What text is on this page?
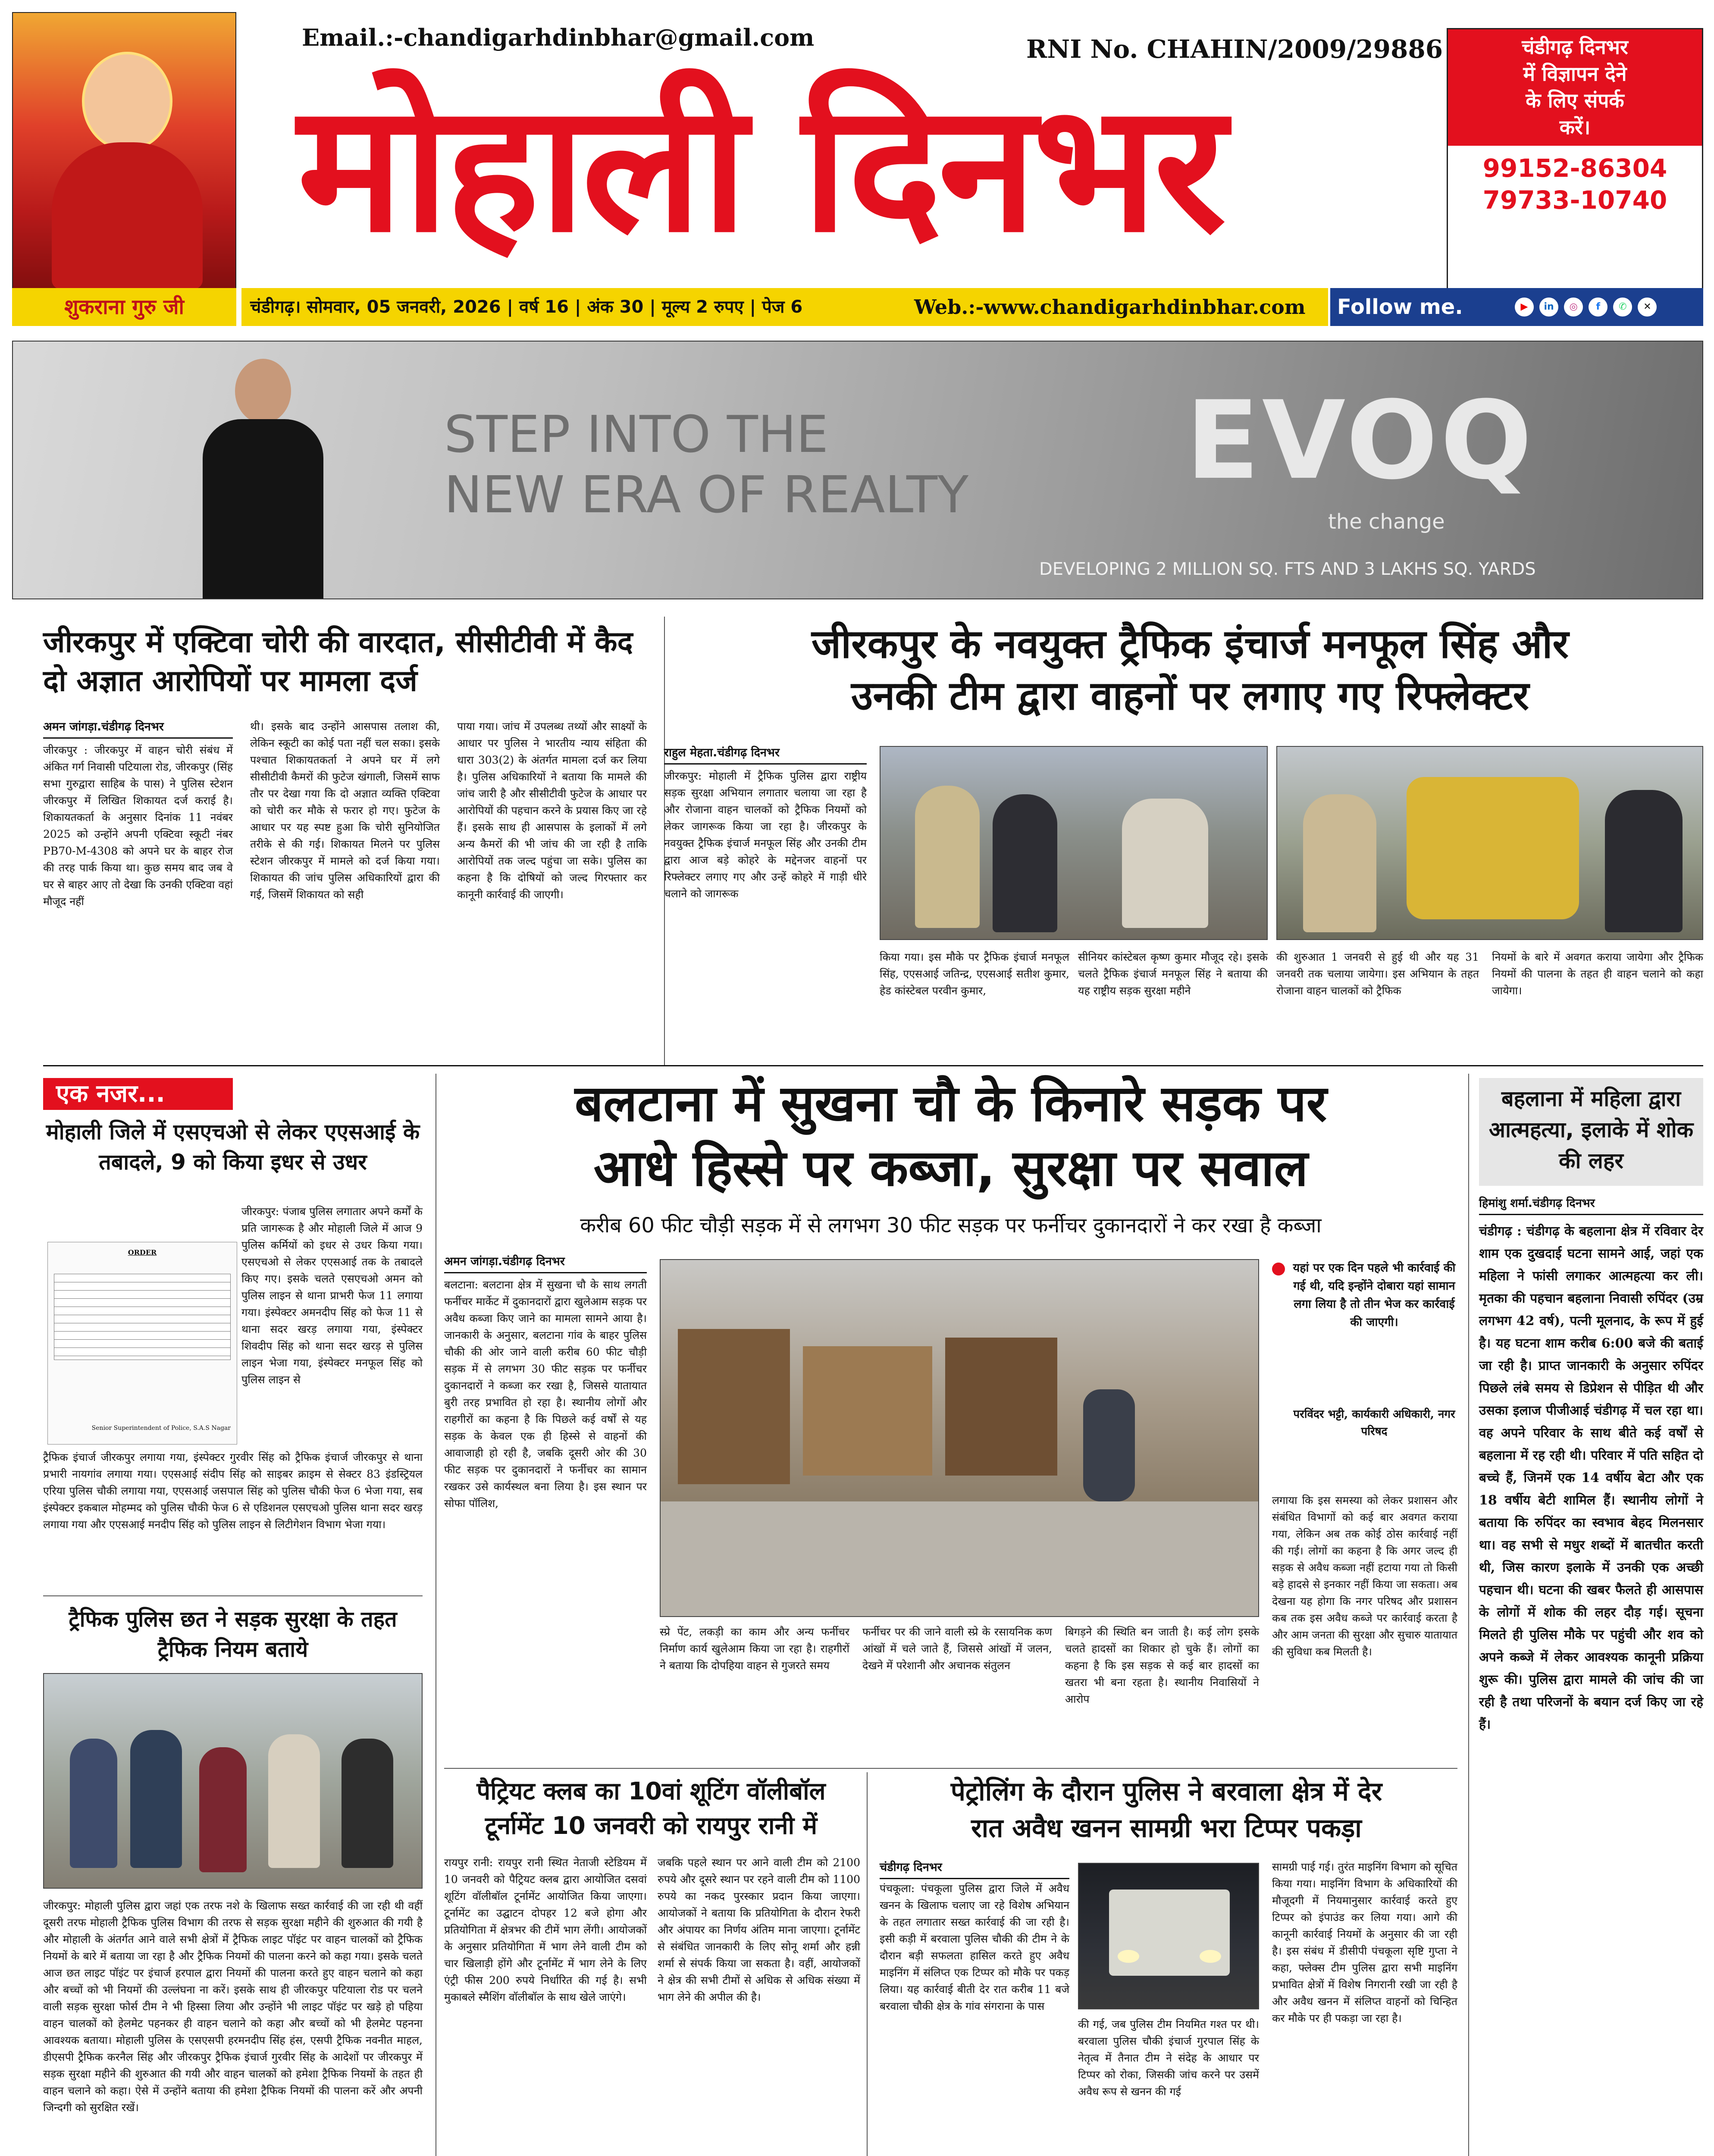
शुकराना गुरु जी
Email.:-chandigarhdinbhar@gmail.com	RNI No. CHAHIN/2009/29886
मोहाली दिनभर
चंडीगढ़ दिनभर
में विज्ञापन देने
के लिए संपर्क
करें।
99152-86304
79733-10740
चंडीगढ़। सोमवार, 05 जनवरी, 2026 | वर्ष 16 | अंक 30 | मूल्य 2 रुपए | पेज 6	Web.:-www.chandigarhdinbhar.com Follow me.	▶ in ◎ f ✆ ✕
STEP INTO THE
NEW ERA OF REALTY EVOQ
the change
DEVELOPING 2 MILLION SQ. FTS AND 3 LAKHS SQ. YARDS
जीरकपुर में एक्टिवा चोरी की वारदात, सीसीटीवी में कैद दो अज्ञात आरोपियों पर मामला दर्ज
अमन जांगड़ा.चंडीगढ़ दिनभर
जीरकपुर : जीरकपुर में वाहन चोरी संबंध में अंकित गर्ग निवासी पटियाला रोड, जीरकपुर (सिंह सभा गुरुद्वारा साहिब के पास) ने पुलिस स्टेशन जीरकपुर में लिखित शिकायत दर्ज कराई है। शिकायतकर्ता के अनुसार दिनांक 11 नवंबर 2025 को उन्होंने अपनी एक्टिवा स्कूटी नंबर PB70-M-4308 को अपने घर के बाहर रोज की तरह पार्क किया था। कुछ समय बाद जब वे घर से बाहर आए तो देखा कि उनकी एक्टिवा वहां मौजूद नहीं
थी। इसके बाद उन्होंने आसपास तलाश की, लेकिन स्कूटी का कोई पता नहीं चल सका। इसके पश्चात शिकायतकर्ता ने अपने घर में लगे सीसीटीवी कैमरों की फुटेज खंगाली, जिसमें साफ तौर पर देखा गया कि दो अज्ञात व्यक्ति एक्टिवा को चोरी कर मौके से फरार हो गए। फुटेज के आधार पर यह स्पष्ट हुआ कि चोरी सुनियोजित तरीके से की गई। शिकायत मिलने पर पुलिस स्टेशन जीरकपुर में मामले को दर्ज किया गया। शिकायत की जांच पुलिस अधिकारियों द्वारा की गई, जिसमें शिकायत को सही
पाया गया। जांच में उपलब्ध तथ्यों और साक्ष्यों के आधार पर पुलिस ने भारतीय न्याय संहिता की धारा 303(2) के अंतर्गत मामला दर्ज कर लिया है। पुलिस अधिकारियों ने बताया कि मामले की जांच जारी है और सीसीटीवी फुटेज के आधार पर आरोपियों की पहचान करने के प्रयास किए जा रहे हैं। इसके साथ ही आसपास के इलाकों में लगे अन्य कैमरों की भी जांच की जा रही है ताकि आरोपियों तक जल्द पहुंचा जा सके। पुलिस का कहना है कि दोषियों को जल्द गिरफ्तार कर कानूनी कार्रवाई की जाएगी।
जीरकपुर के नवयुक्त ट्रैफिक इंचार्ज मनफूल सिंह और
उनकी टीम द्वारा वाहनों पर लगाए गए रिफ्लेक्टर
राहुल मेहता.चंडीगढ़ दिनभर
जीरकपुर: मोहाली में ट्रैफिक पुलिस द्वारा राष्ट्रीय सड़क सुरक्षा अभियान लगातार चलाया जा रहा है और रोजाना वाहन चालकों को ट्रैफिक नियमों को लेकर जागरूक किया जा रहा है। जीरकपुर के नवयुक्त ट्रैफिक इंचार्ज मनफूल सिंह और उनकी टीम द्वारा आज बड़े कोहरे के मद्देनजर वाहनों पर रिफ्लेक्टर लगाए गए और उन्हें कोहरे में गाड़ी धीरे चलाने को जागरूक
किया गया। इस मौके पर ट्रैफिक इंचार्ज मनफूल सिंह, एएसआई जतिन्द्र, एएसआई सतीश कुमार, हेड कांस्टेबल परवीन कुमार,
सीनियर कांस्टेबल कृष्ण कुमार मौजूद रहे। इसके चलते ट्रैफिक इंचार्ज मनफूल सिंह ने बताया की यह राष्ट्रीय सड़क सुरक्षा महीने
की शुरुआत 1 जनवरी से हुई थी और यह 31 जनवरी तक चलाया जायेगा। इस अभियान के तहत रोजाना वाहन चालकों को ट्रैफिक
नियमों के बारे में अवगत कराया जायेगा और ट्रैफिक नियमों की पालना के तहत ही वाहन चलाने को कहा जायेगा।
एक नजर...
मोहाली जिले में एसएचओ से लेकर एएसआई के तबादले, 9 को किया इधर से उधर
ORDER
Senior Superintendent of Police, S.A.S Nagar
जीरकपुर: पंजाब पुलिस लगातार अपने कर्मों के प्रति जागरूक है और मोहाली जिले में आज 9 पुलिस कर्मियों को इधर से उधर किया गया। एसएचओ से लेकर एएसआई तक के तबादले किए गए। इसके चलते एसएचओ अमन को पुलिस लाइन से थाना प्राभरी फेज 11 लगाया गया। इंस्पेक्टर अमनदीप सिंह को फेज 11 से थाना सदर खरड़ लगाया गया, इंस्पेक्टर शिवदीप सिंह को थाना सदर खरड़ से पुलिस लाइन भेजा गया, इंस्पेक्टर मनफूल सिंह को पुलिस लाइन से
ट्रैफिक इंचार्ज जीरकपुर लगाया गया, इंस्पेक्टर गुरवीर सिंह को ट्रैफिक इंचार्ज जीरकपुर से थाना प्रभारी नायगांव लगाया गया। एएसआई संदीप सिंह को साइबर क्राइम से सेक्टर 83 इंडस्ट्रियल एरिया पुलिस चौकी लगाया गया, एएसआई जसपाल सिंह को पुलिस चौकी फेज 6 भेजा गया, सब इंस्पेक्टर इकबाल मोहम्मद को पुलिस चौकी फेज 6 से एडिशनल एसएचओ पुलिस थाना सदर खरड़ लगाया गया और एएसआई मनदीप सिंह को पुलिस लाइन से लिटीगेशन विभाग भेजा गया।
ट्रैफिक पुलिस छत ने सड़क सुरक्षा के तहत ट्रैफिक नियम बताये
जीरकपुर: मोहाली पुलिस द्वारा जहां एक तरफ नशे के खिलाफ सख्त कार्रवाई की जा रही थी वहीं दूसरी तरफ मोहाली ट्रैफिक पुलिस विभाग की तरफ से सड़क सुरक्षा महीने की शुरुआत की गयी है और मोहाली के अंतर्गत आने वाले सभी क्षेत्रों में ट्रैफिक लाइट पॉइंट पर वाहन चालकों को ट्रैफिक नियमों के बारे में बताया जा रहा है और ट्रैफिक नियमों की पालना करने को कहा गया। इसके चलते आज छत लाइट पॉइंट पर इंचार्ज हरपाल द्वारा नियमों की पालना करते हुए वाहन चलाने को कहा और बच्चों को भी नियमों की उल्लंघना ना करें। इसके साथ ही जीरकपुर पटियाला रोड पर चलने वाली सड़क सुरक्षा फोर्स टीम ने भी हिस्सा लिया और उन्होंने भी लाइट पॉइंट पर खड़े हो पहिया वाहन चालकों को हेलमेट पहनकर ही वाहन चलाने को कहा और बच्चों को भी हेलमेट पहनना आवश्यक बताया। मोहाली पुलिस के एसएसपी हरमनदीप सिंह हंस, एसपी ट्रैफिक नवनीत माहल, डीएसपी ट्रैफिक करनैल सिंह और जीरकपुर ट्रैफिक इंचार्ज गुरवीर सिंह के आदेशों पर जीरकपुर में सड़क सुरक्षा महीने की शुरुआत की गयी और वाहन चालकों को हमेशा ट्रैफिक नियमों के तहत ही वाहन चलाने को कहा। ऐसे में उन्होंने बताया की हमेशा ट्रैफिक नियमों की पालना करें और अपनी जिन्दगी को सुरक्षित रखें।
बलटाना में सुखना चौ के किनारे सड़क पर
आधे हिस्से पर कब्जा, सुरक्षा पर सवाल
करीब 60 फीट चौड़ी सड़क में से लगभग 30 फीट सड़क पर फर्नीचर दुकानदारों ने कर रखा है कब्जा
अमन जांगड़ा.चंडीगढ़ दिनभर
बलटाना: बलटाना क्षेत्र में सुखना चौ के साथ लगती फर्नीचर मार्केट में दुकानदारों द्वारा खुलेआम सड़क पर अवैध कब्जा किए जाने का मामला सामने आया है। जानकारी के अनुसार, बलटाना गांव के बाहर पुलिस चौकी की ओर जाने वाली करीब 60 फीट चौड़ी सड़क में से लगभग 30 फीट सड़क पर फर्नीचर दुकानदारों ने कब्जा कर रखा है, जिससे यातायात बुरी तरह प्रभावित हो रहा है। स्थानीय लोगों और राहगीरों का कहना है कि पिछले कई वर्षों से यह सड़क के केवल एक ही हिस्से से वाहनों की आवाजाही हो रही है, जबकि दूसरी ओर की 30 फीट सड़क पर दुकानदारों ने फर्नीचर का सामान रखकर उसे कार्यस्थल बना लिया है। इस स्थान पर सोफा पॉलिश,
स्प्रे पेंट, लकड़ी का काम और अन्य फर्नीचर निर्माण कार्य खुलेआम किया जा रहा है। राहगीरों ने बताया कि दोपहिया वाहन से गुजरते समय
फर्नीचर पर की जाने वाली स्प्रे के रसायनिक कण आंखों में चले जाते हैं, जिससे आंखों में जलन, देखने में परेशानी और अचानक संतुलन
बिगड़ने की स्थिति बन जाती है। कई लोग इसके चलते हादसों का शिकार हो चुके हैं। लोगों का कहना है कि इस सड़क से कई बार हादसों का खतरा भी बना रहता है। स्थानीय निवासियों ने आरोप
यहां पर एक दिन पहले भी कार्रवाई की गई थी, यदि इन्होंने दोबारा यहां सामान लगा लिया है तो तीन भेज कर कार्रवाई की जाएगी।
परविंदर भट्टी, कार्यकारी अधिकारी, नगर परिषद
लगाया कि इस समस्या को लेकर प्रशासन और संबंधित विभागों को कई बार अवगत कराया गया, लेकिन अब तक कोई ठोस कार्रवाई नहीं की गई। लोगों का कहना है कि अगर जल्द ही सड़क से अवैध कब्जा नहीं हटाया गया तो किसी बड़े हादसे से इनकार नहीं किया जा सकता। अब देखना यह होगा कि नगर परिषद और प्रशासन कब तक इस अवैध कब्जे पर कार्रवाई करता है और आम जनता की सुरक्षा और सुचारु यातायात की सुविधा कब मिलती है।
बहलाना में महिला द्वारा आत्महत्या, इलाके में शोक की लहर
हिमांशु शर्मा.चंडीगढ़ दिनभर
चंडीगढ़ : चंडीगढ़ के बहलाना क्षेत्र में रविवार देर शाम एक दुखदाई घटना सामने आई, जहां एक महिला ने फांसी लगाकर आत्महत्या कर ली। मृतका की पहचान बहलाना निवासी रुपिंदर (उम्र लगभग 42 वर्ष), पत्नी मूलनाद, के रूप में हुई है। यह घटना शाम करीब 6:00 बजे की बताई जा रही है। प्राप्त जानकारी के अनुसार रुपिंदर पिछले लंबे समय से डिप्रेशन से पीड़ित थी और उसका इलाज पीजीआई चंडीगढ़ में चल रहा था। वह अपने परिवार के साथ बीते कई वर्षों से बहलाना में रह रही थी। परिवार में पति सहित दो बच्चे हैं, जिनमें एक 14 वर्षीय बेटा और एक 18 वर्षीय बेटी शामिल हैं। स्थानीय लोगों ने बताया कि रुपिंदर का स्वभाव बेहद मिलनसार था। वह सभी से मधुर शब्दों में बातचीत करती थी, जिस कारण इलाके में उनकी एक अच्छी पहचान थी। घटना की खबर फैलते ही आसपास के लोगों में शोक की लहर दौड़ गई। सूचना मिलते ही पुलिस मौके पर पहुंची और शव को अपने कब्जे में लेकर आवश्यक कानूनी प्रक्रिया शुरू की। पुलिस द्वारा मामले की जांच की जा रही है तथा परिजनों के बयान दर्ज किए जा रहे हैं।
पैट्रियट क्लब का 10वां शूटिंग वॉलीबॉल टूर्नामेंट 10 जनवरी को रायपुर रानी में
रायपुर रानी: रायपुर रानी स्थित नेताजी स्टेडियम में 10 जनवरी को पैट्रियट क्लब द्वारा आयोजित दसवां शूटिंग वॉलीबॉल टूर्नामेंट आयोजित किया जाएगा। टूर्नामेंट का उद्घाटन दोपहर 12 बजे होगा और प्रतियोगिता में क्षेत्रभर की टीमें भाग लेंगी। आयोजकों के अनुसार प्रतियोगिता में भाग लेने वाली टीम को चार खिलाड़ी होंगे और टूर्नामेंट में भाग लेने के लिए एंट्री फीस 200 रुपये निर्धारित की गई है। सभी मुकाबले स्मैशिंग वॉलीबॉल के साथ खेले जाएंगे।
जबकि पहले स्थान पर आने वाली टीम को 2100 रुपये और दूसरे स्थान पर रहने वाली टीम को 1100 रुपये का नकद पुरस्कार प्रदान किया जाएगा। आयोजकों ने बताया कि प्रतियोगिता के दौरान रेफरी और अंपायर का निर्णय अंतिम माना जाएगा। टूर्नामेंट से संबंधित जानकारी के लिए सोनू शर्मा और हन्नी शर्मा से संपर्क किया जा सकता है। वहीं, आयोजकों ने क्षेत्र की सभी टीमों से अधिक से अधिक संख्या में भाग लेने की अपील की है।
पेट्रोलिंग के दौरान पुलिस ने बरवाला क्षेत्र में देर
रात अवैध खनन सामग्री भरा टिप्पर पकड़ा
चंडीगढ़ दिनभर
पंचकूला: पंचकूला पुलिस द्वारा जिले में अवैध खनन के खिलाफ चलाए जा रहे विशेष अभियान के तहत लगातार सख्त कार्रवाई की जा रही है। इसी कड़ी में बरवाला पुलिस चौकी की टीम ने के दौरान बड़ी सफलता हासिल करते हुए अवैध माइनिंग में संलिप्त एक टिप्पर को मौके पर पकड़ लिया। यह कार्रवाई बीती देर रात करीब 11 बजे बरवाला चौकी क्षेत्र के गांव संगराना के पास
की गई, जब पुलिस टीम नियमित गश्त पर थी। बरवाला पुलिस चौकी इंचार्ज गुरपाल सिंह के नेतृत्व में तैनात टीम ने संदेह के आधार पर टिप्पर को रोका, जिसकी जांच करने पर उसमें अवैध रूप से खनन की गई
सामग्री पाई गई। तुरंत माइनिंग विभाग को सूचित किया गया। माइनिंग विभाग के अधिकारियों की मौजूदगी में नियमानुसार कार्रवाई करते हुए टिप्पर को इंपाउंड कर लिया गया। आगे की कानूनी कार्रवाई नियमों के अनुसार की जा रही है। इस संबंध में डीसीपी पंचकूला सृष्टि गुप्ता ने कहा, फ्लेक्स टीम पुलिस द्वारा सभी माइनिंग प्रभावित क्षेत्रों में विशेष निगरानी रखी जा रही है और अवैध खनन में संलिप्त वाहनों को चिन्हित कर मौके पर ही पकड़ा जा रहा है।
